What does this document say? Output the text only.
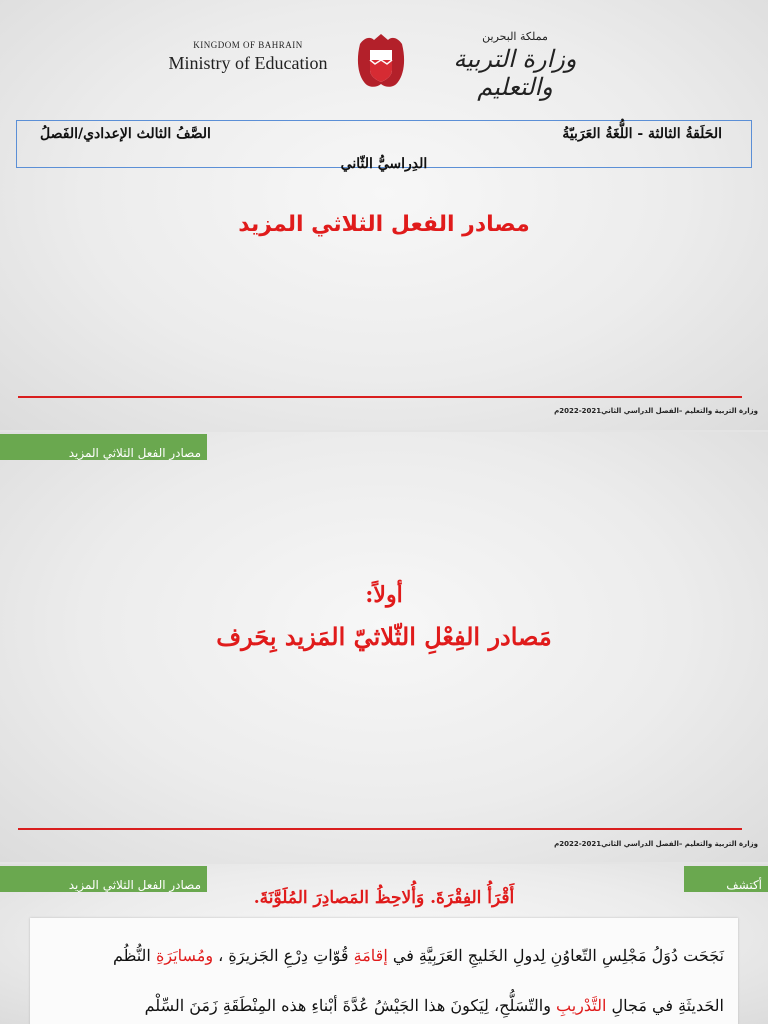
KINGDOM OF BAHRAIN
Ministry of Education
مملكة البحرين
وزارة التربية والتعليم
الحَلَقةُ الثالثة - اللُّغَةُ العَرَبيّةُ
الصَّفُ الثالث الإعدادي/الفَصلُ
الدِراسيُّ الثّاني
مصادر الفعل الثلاثي المزيد
وزارة التربية والتعليم –الفصل الدراسي الثاني2021-2022م
مصادر الفعل الثلاثي المزيد
أولاً:
مَصادر الفِعْلِ الثّلاثيّ المَزيد بِحَرف
وزارة التربية والتعليم –الفصل الدراسي الثاني2021-2022م
مصادر الفعل الثلاثي المزيد	أكتشف
أَقْرَأُ الفِقْرَةَ. وَأُلاحِظُ المَصادِرَ المُلَوَّنَةَ.
نَجَحَت دُوَلُ مَجْلِسِ التّعاوُنِ لِدولِ الخَليجِ العَرَبِيَّةِ في إقامَةِ قُوّاتِ دِرْعِ الجَزيرَةِ ، ومُسايَرَةِ النُّظُم
الحَديثَةِ في مَجالِ التَّدْريبِ والتّسَلُّحِ، لِيَكونَ هذا الجَيْشُ عُدَّةَ أبْناءِ هذه المِنْطَقَةِ زَمَنَ السِّلْم
